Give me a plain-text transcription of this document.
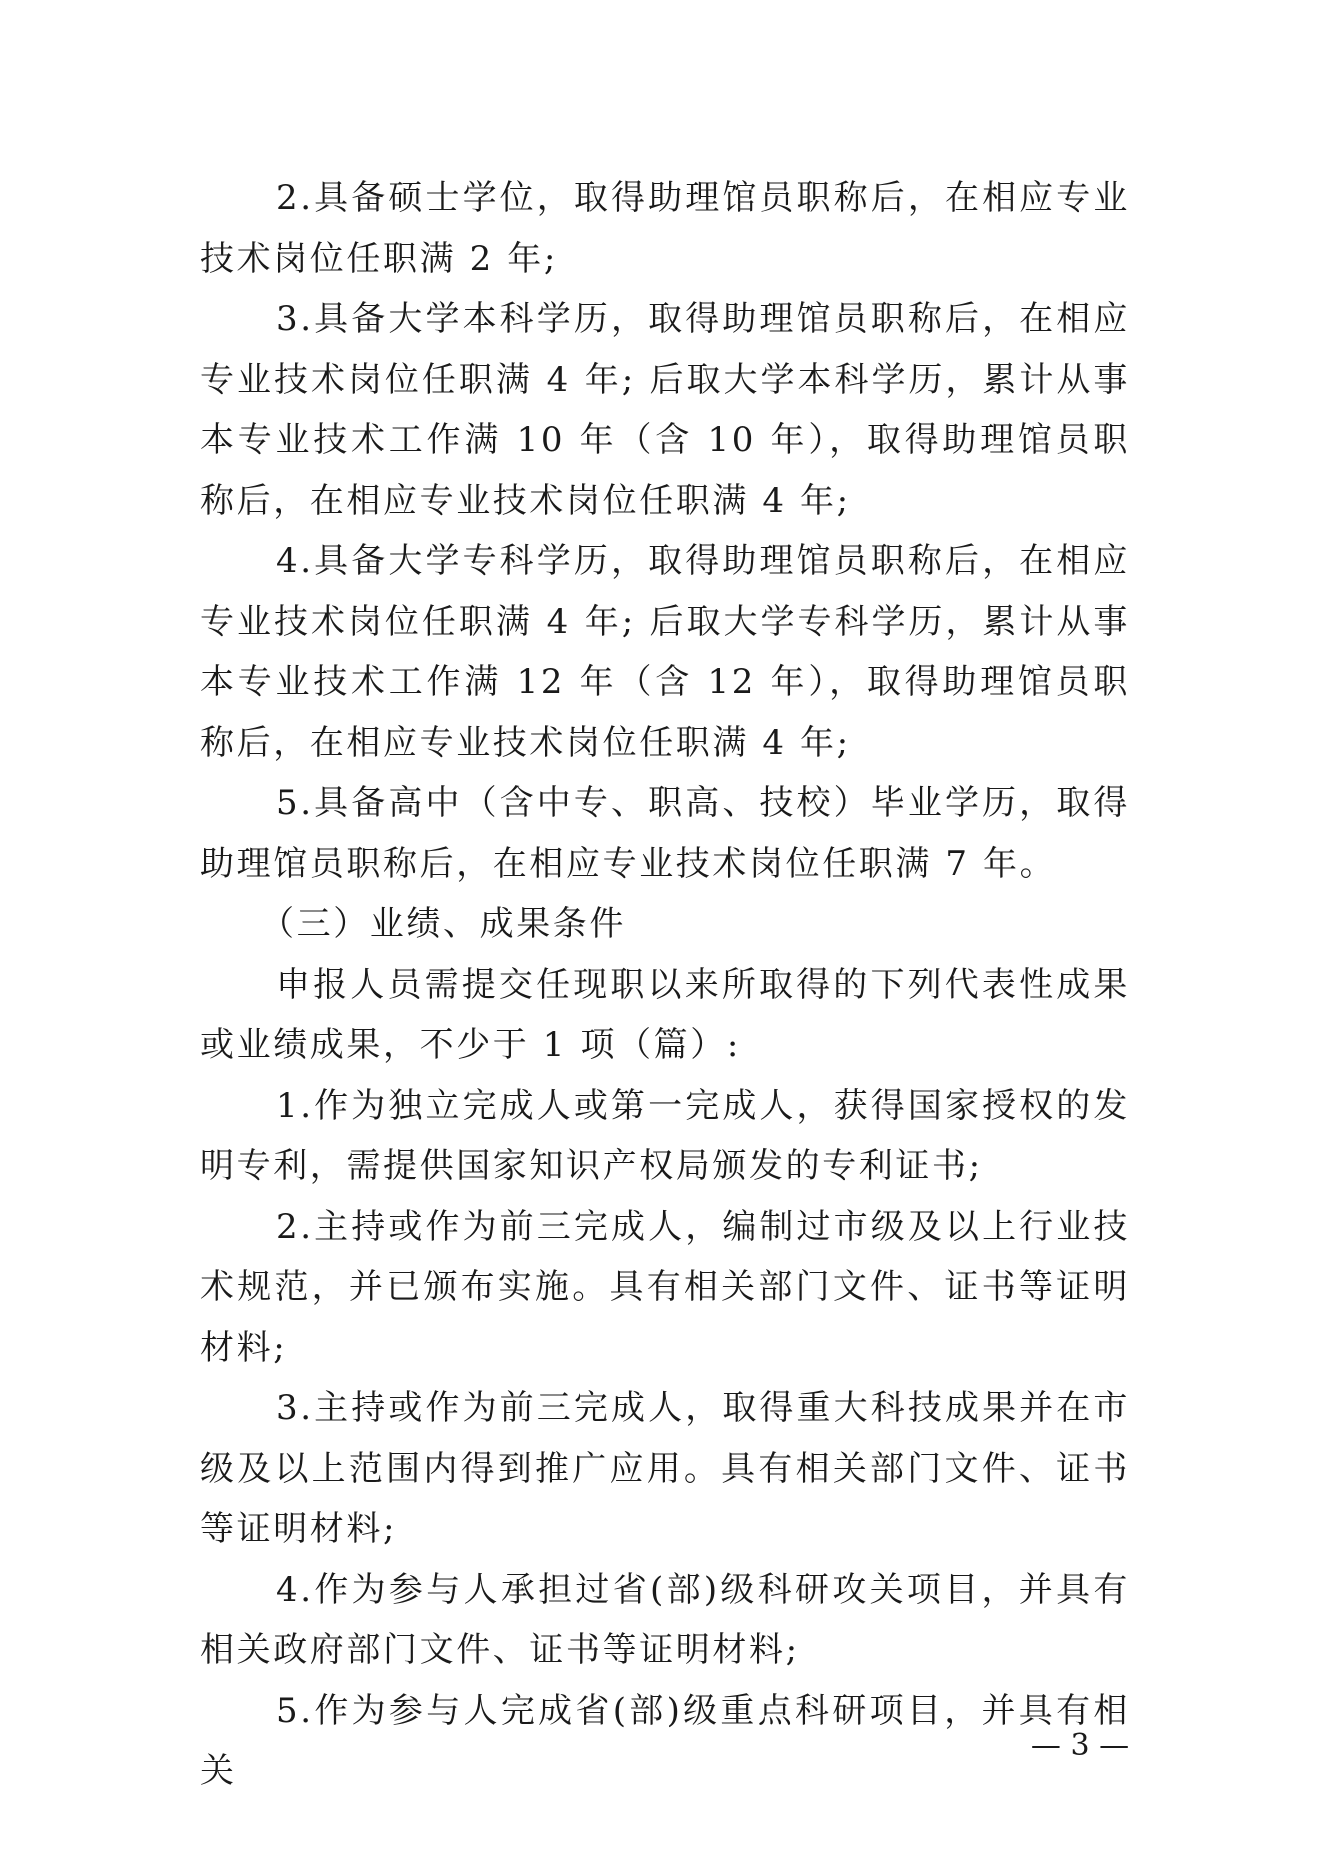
2.具备硕士学位，取得助理馆员职称后，在相应专业技术岗位任职满 2 年;

3.具备大学本科学历，取得助理馆员职称后，在相应专业技术岗位任职满 4 年; 后取大学本科学历，累计从事本专业技术工作满 10 年（含 10 年），取得助理馆员职称后，在相应专业技术岗位任职满 4 年;

4.具备大学专科学历，取得助理馆员职称后，在相应专业技术岗位任职满 4 年; 后取大学专科学历，累计从事本专业技术工作满 12 年（含 12 年），取得助理馆员职称后，在相应专业技术岗位任职满 4 年;

5.具备高中（含中专、职高、技校）毕业学历，取得助理馆员职称后，在相应专业技术岗位任职满 7 年。

（三）业绩、成果条件

申报人员需提交任现职以来所取得的下列代表性成果或业绩成果，不少于 1 项（篇）:

1.作为独立完成人或第一完成人，获得国家授权的发明专利，需提供国家知识产权局颁发的专利证书;

2.主持或作为前三完成人，编制过市级及以上行业技术规范，并已颁布实施。具有相关部门文件、证书等证明材料;

3.主持或作为前三完成人，取得重大科技成果并在市级及以上范围内得到推广应用。具有相关部门文件、证书等证明材料;

4.作为参与人承担过省(部)级科研攻关项目，并具有相关政府部门文件、证书等证明材料;

5.作为参与人完成省(部)级重点科研项目，并具有相关

— 3 —
